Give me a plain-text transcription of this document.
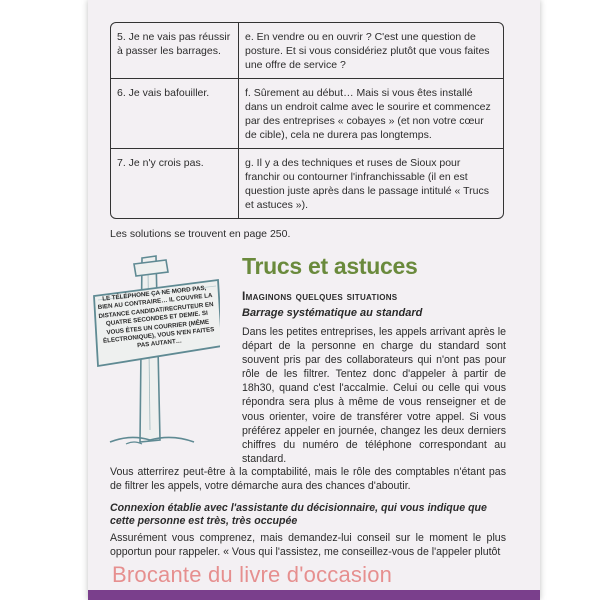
5. Je ne vais pas réussir à passer les barrages.	e. En vendre ou en ouvrir ? C'est une question de posture. Et si vous considériez plutôt que vous faites une offre de service ?
6. Je vais bafouiller.	f. Sûrement au début… Mais si vous êtes installé dans un endroit calme avec le sourire et commencez par des entreprises « cobayes » (et non votre cœur de cible), cela ne durera pas longtemps.
7. Je n'y crois pas.	g. Il y a des techniques et ruses de Sioux pour franchir ou contourner l'infranchissable (il en est question juste après dans le passage intitulé « Trucs et astuces »).
Les solutions se trouvent en page 250.
LE TÉLÉPHONE ÇA NE MORD PAS, BIEN AU CONTRAIRE… IL COUVRE LA DISTANCE CANDIDAT/RECRUTEUR EN QUATRE SECONDES ET DEMIE. SI VOUS ÊTES UN COURRIER (MÊME ÉLECTRONIQUE), VOUS N'EN FAITES PAS AUTANT…
Trucs et astuces
Imaginons quelques situations
Barrage systématique au standard

Dans les petites entreprises, les appels arrivant après le départ de la personne en charge du standard sont souvent pris par des collaborateurs qui n'ont pas pour rôle de les filtrer. Tentez donc d'appeler à partir de 18h30, quand c'est l'accalmie. Celui ou celle qui vous répondra sera plus à même de vous renseigner et de vous orienter, voire de transférer votre appel. Si vous préférez appeler en journée, changez les deux derniers chiffres du numéro de téléphone correspondant au standard.

Vous atterrirez peut-être à la comptabilité, mais le rôle des comptables n'étant pas de filtrer les appels, votre démarche aura des chances d'aboutir.

Connexion établie avec l'assistante du décisionnaire, qui vous indique que cette personne est très, très occupée

Assurément vous comprenez, mais demandez-lui conseil sur le moment le plus opportun pour rappeler. « Vous qui l'assistez, me conseillez-vous de l'appeler plutôt

Brocante du livre d'occasion
